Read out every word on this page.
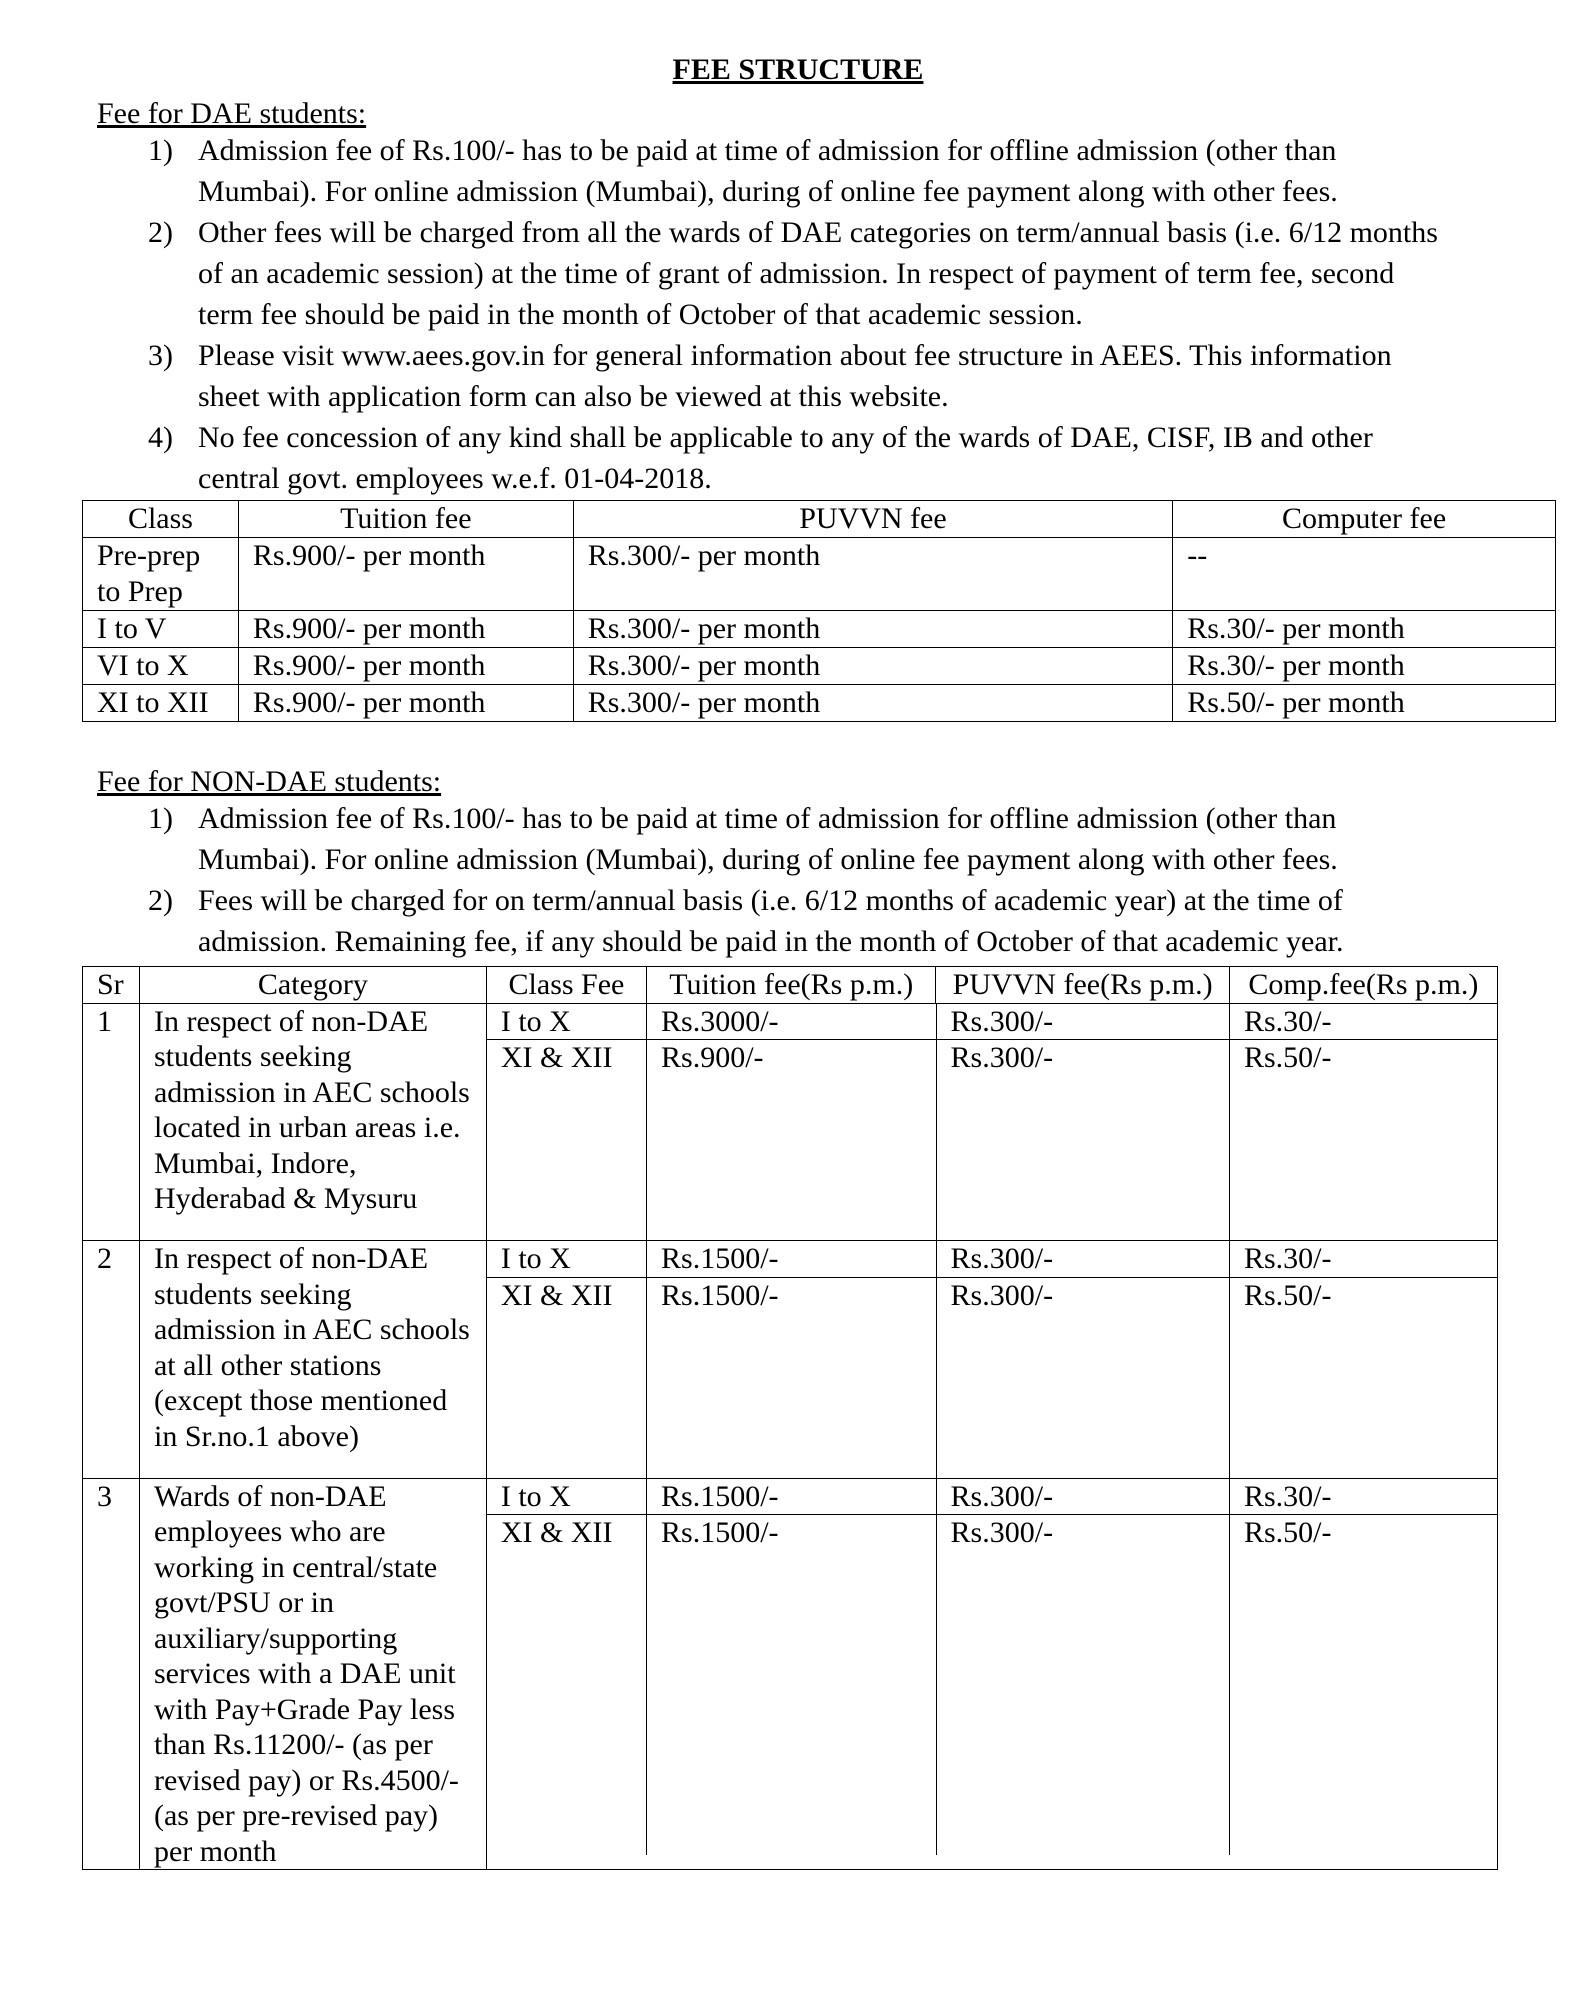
FEE STRUCTURE
Fee for DAE students:
1) Admission fee of Rs.100/- has to be paid at time of admission for offline admission (other than Mumbai). For online admission (Mumbai), during of online fee payment along with other fees.
2) Other fees will be charged from all the wards of DAE categories on term/annual basis (i.e. 6/12 months of an academic session) at the time of grant of admission. In respect of payment of term fee, second term fee should be paid in the month of October of that academic session.
3) Please visit www.aees.gov.in for general information about fee structure in AEES. This information sheet with application form can also be viewed at this website.
4) No fee concession of any kind shall be applicable to any of the wards of DAE, CISF, IB and other central govt. employees w.e.f. 01-04-2018.
Class	Tuition fee	PUVVN fee	Computer fee
Pre-prep to Prep	Rs.900/- per month	Rs.300/- per month	--
I to V	Rs.900/- per month	Rs.300/- per month	Rs.30/- per month
VI to X	Rs.900/- per month	Rs.300/- per month	Rs.30/- per month
XI to XII	Rs.900/- per month	Rs.300/- per month	Rs.50/- per month
Fee for NON-DAE students:
1) Admission fee of Rs.100/- has to be paid at time of admission for offline admission (other than Mumbai). For online admission (Mumbai), during of online fee payment along with other fees.
2) Fees will be charged for on term/annual basis (i.e. 6/12 months of academic year) at the time of admission. Remaining fee, if any should be paid in the month of October of that academic year.
Sr	Category		Class Fee	Tuition fee(Rs p.m.)	PUVVN fee(Rs p.m.)	Comp.fee(Rs p.m.)

1	In respect of non-DAE students seeking admission in AEC schools located in urban areas i.e. Mumbai, Indore, Hyderabad & Mysuru	
I to X	Rs.3000/-	Rs.300/-	Rs.30/-
XI & XII	Rs.900/-	Rs.300/-	Rs.50/-

2	In respect of non-DAE students seeking admission in AEC schools at all other stations (except those mentioned in Sr.no.1 above)	
I to X	Rs.1500/-	Rs.300/-	Rs.30/-
XI & XII	Rs.1500/-	Rs.300/-	Rs.50/-

3	Wards of non-DAE employees who are working in central/state govt/PSU or in auxiliary/supporting services with a DAE unit with Pay+Grade Pay less than Rs.11200/- (as per revised pay) or Rs.4500/- (as per pre-revised pay) per month	
I to X	Rs.1500/-	Rs.300/-	Rs.30/-
XI & XII	Rs.1500/-	Rs.300/-	Rs.50/-
